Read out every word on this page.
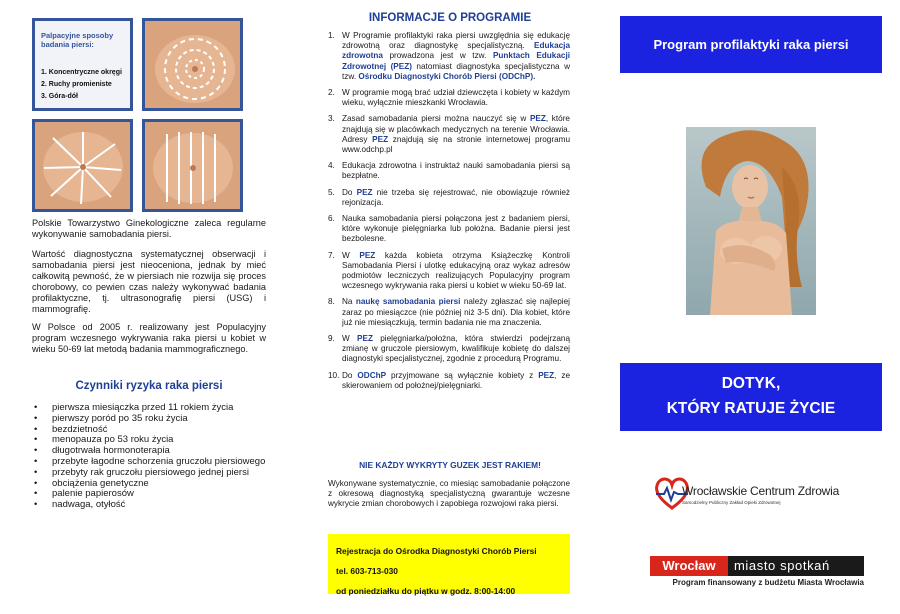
Palpacyjne sposoby badania piersi:
1. Koncentryczne okręgi
2. Ruchy promieniste
3. Góra-dół

Polskie Towarzystwo Ginekologiczne zaleca regularne wykonywanie samobadania piersi.

Wartość diagnostyczna systematycznej obserwacji i samobadania piersi jest nieoceniona, jednak by mieć całkowitą pewność, że w piersiach nie rozwija się proces chorobowy, co pewien czas należy wykonywać badania profilaktyczne, tj. ultrasonografię piersi (USG) i mammografię.

W Polsce od 2005 r. realizowany jest Populacyjny program wczesnego wykrywania raka piersi u kobiet w wieku 50-69 lat metodą badania mammograficznego.

Czynniki ryzyka raka piersi
• pierwsza miesiączka przed 11 rokiem życia
• pierwszy poród po 35 roku życia
• bezdzietność
• menopauza po 53 roku życia
• długotrwała hormonoterapia
• przebyte łagodne schorzenia gruczołu piersiowego
• przebyty rak gruczołu piersiowego jednej piersi
• obciążenia genetyczne
• palenie papierosów
• nadwaga, otyłość
INFORMACJE O PROGRAMIE
1. W Programie profilaktyki raka piersi uwzględnia się edukację zdrowotną oraz diagnostykę specjalistyczną. Edukacja zdrowotna prowadzona jest w tzw. Punktach Edukacji Zdrowotnej (PEZ) natomiast diagnostyka specjalistyczna w tzw. Ośrodku Diagnostyki Chorób Piersi (ODChP).
2. W programie mogą brać udział dziewczęta i kobiety w każdym wieku, wyłącznie mieszkanki Wrocławia.
3. Zasad samobadania piersi można nauczyć się w PEZ, które znajdują się w placówkach medycznych na terenie Wrocławia. Adresy PEZ znajdują się na stronie internetowej programu www.odchp.pl
4. Edukacja zdrowotna i instruktaż nauki samobadania piersi są bezpłatne.
5. Do PEZ nie trzeba się rejestrować, nie obowiązuje również rejonizacja.
6. Nauka samobadania piersi połączona jest z badaniem piersi, które wykonuje pielęgniarka lub położna. Badanie piersi jest bezbolesne.
7. W PEZ każda kobieta otrzyma Książeczkę Kontroli Samobadania Piersi i ulotkę edukacyjną oraz wykaz adresów podmiotów leczniczych realizujących Populacyjny program wczesnego wykrywania raka piersi u kobiet w wieku 50-69 lat.
8. Na naukę samobadania piersi należy zgłaszać się najlepiej zaraz po miesiączce (nie później niż 3-5 dni). Dla kobiet, które już nie miesiączkują, termin badania nie ma znaczenia.
9. W PEZ pielęgniarka/położna, która stwierdzi podejrzaną zmianę w gruczole piersiowym, kwalifikuje kobietę do dalszej diagnostyki specjalistycznej, zgodnie z procedurą Programu.
10. Do ODChP przyjmowane są wyłącznie kobiety z PEZ, ze skierowaniem od położnej/pielęgniarki.

NIE KAŻDY WYKRYTY GUZEK JEST RAKIEM!

Wykonywane systematycznie, co miesiąc samobadanie połączone z okresową diagnostyką specjalistyczną gwarantuje wczesne wykrycie zmian chorobowych i zapobiega rozwojowi raka piersi.

Rejestracja do Ośrodka Diagnostyki Chorób Piersi

tel. 603-713-030

od poniedziałku do piątku w godz. 8:00-14:00

Program profilaktyki raka piersi
DOTYK,
KTÓRY RATUJE ŻYCIE
Wrocławskie Centrum Zdrowia
Samodzielny Publiczny Zakład Opieki Zdrowotnej
Wrocław	miasto spotkań
Program finansowany z budżetu Miasta Wrocławia
